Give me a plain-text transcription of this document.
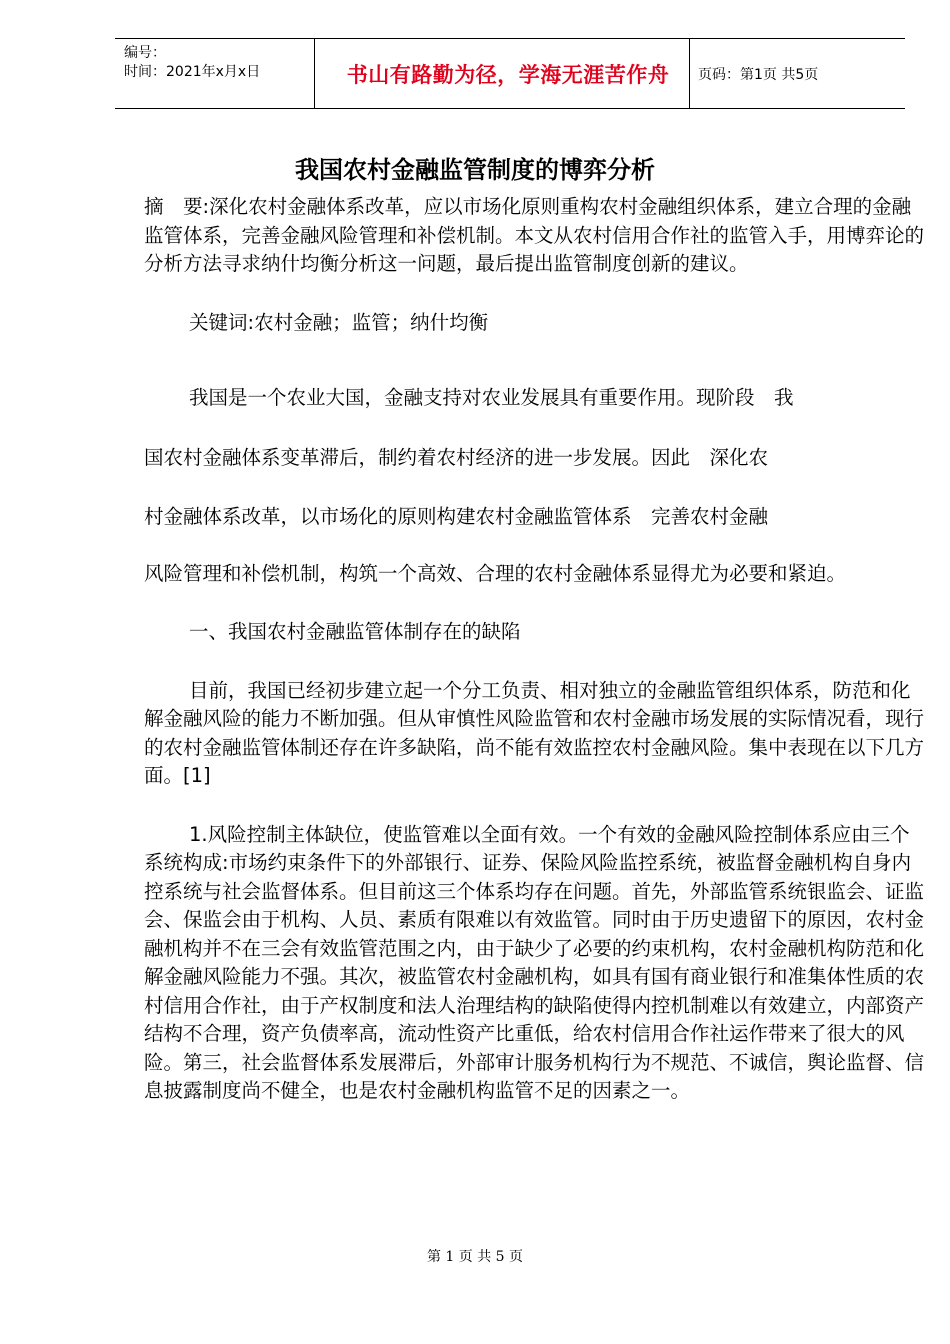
编号：
时间：2021年x月x日	书山有路勤为径，学海无涯苦作舟 页码：第1页 共5页
我国农村金融监管制度的博弈分析

摘　要:深化农村金融体系改革，应以市场化原则重构农村金融组织体系，建立合理的金融监管体系，完善金融风险管理和补偿机制。本文从农村信用合作社的监管入手，用博弈论的分析方法寻求纳什均衡分析这一问题，最后提出监管制度创新的建议。

关键词:农村金融；监管；纳什均衡

我国是一个农业大国，金融支持对农业发展具有重要作用。现阶段　我
国农村金融体系变革滞后，制约着农村经济的进一步发展。因此　深化农
村金融体系改革，以市场化的原则构建农村金融监管体系　完善农村金融

风险管理和补偿机制，构筑一个高效、合理的农村金融体系显得尤为必要和紧迫。

一、我国农村金融监管体制存在的缺陷

目前，我国已经初步建立起一个分工负责、相对独立的金融监管组织体系，防范和化解金融风险的能力不断加强。但从审慎性风险监管和农村金融市场发展的实际情况看，现行的农村金融监管体制还存在许多缺陷，尚不能有效监控农村金融风险。集中表现在以下几方面。[1]

1.风险控制主体缺位，使监管难以全面有效。一个有效的金融风险控制体系应由三个系统构成:市场约束条件下的外部银行、证券、保险风险监控系统，被监督金融机构自身内控系统与社会监督体系。但目前这三个体系均存在问题。首先，外部监管系统银监会、证监会、保监会由于机构、人员、素质有限难以有效监管。同时由于历史遗留下的原因，农村金融机构并不在三会有效监管范围之内，由于缺少了必要的约束机构，农村金融机构防范和化解金融风险能力不强。其次，被监管农村金融机构，如具有国有商业银行和准集体性质的农村信用合作社，由于产权制度和法人治理结构的缺陷使得内控机制难以有效建立，内部资产结构不合理，资产负债率高，流动性资产比重低，给农村信用合作社运作带来了很大的风险。第三，社会监督体系发展滞后，外部审计服务机构行为不规范、不诚信，舆论监督、信息披露制度尚不健全，也是农村金融机构监管不足的因素之一。

第 1 页 共 5 页
